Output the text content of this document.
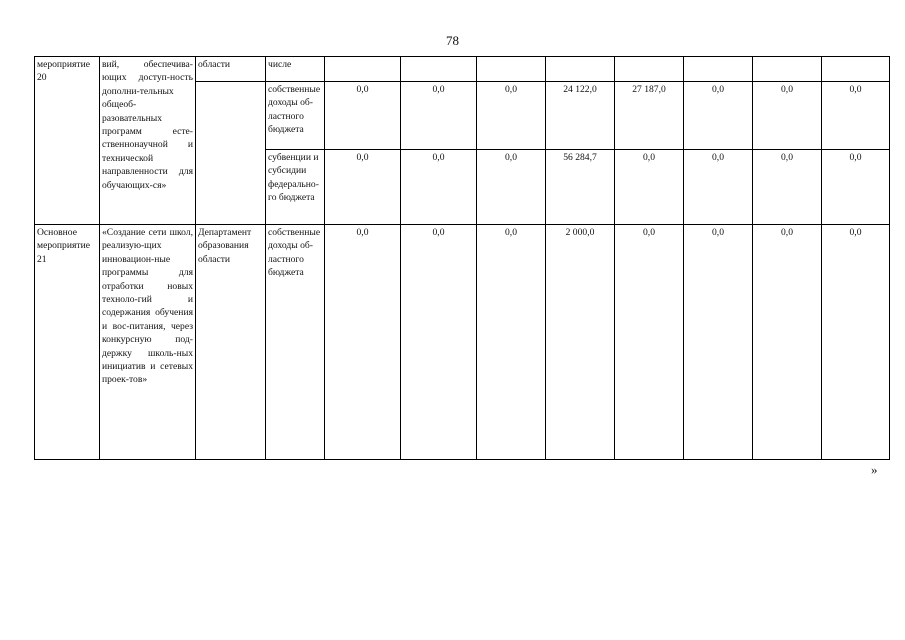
78
мероприятие 20	вий, обеспечива-ющих доступ-ность дополни-тельных общеоб-разовательных программ есте-ственнонаучной и технической направленности для обучающих-ся»	области	числе								
			собственные доходы об-ластного бюджета	0,0	0,0	0,0	24 122,0	27 187,0	0,0	0,0	0,0
			субвенции и субсидии федерально-го бюджета	0,0	0,0	0,0	56 284,7	0,0	0,0	0,0	0,0
Основное мероприятие 21	«Создание сети школ, реализую-щих инновацион-ные программы для отработки новых техноло-гий и содержания обучения и вос-питания, через конкурсную под-держку школь-ных инициатив и сетевых проек-тов»	Департамент образования области	собственные доходы об-ластного бюджета	0,0	0,0	0,0	2 000,0	0,0	0,0	0,0	0,0
»
